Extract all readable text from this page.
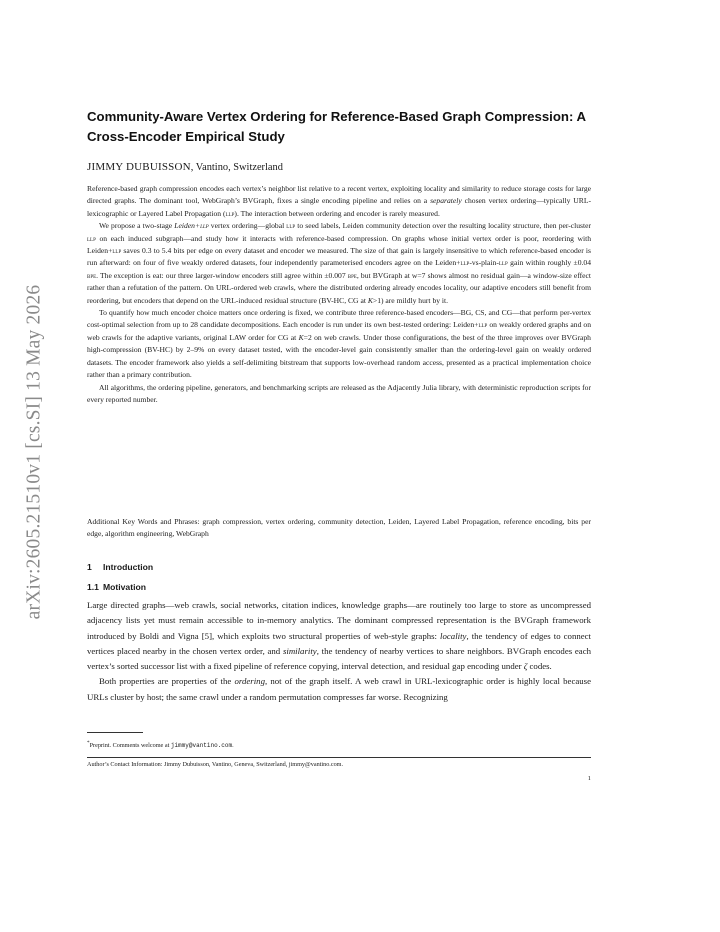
arXiv:2605.21510v1 [cs.SI] 13 May 2026
Community-Aware Vertex Ordering for Reference-Based Graph Compression: A Cross-Encoder Empirical Study
JIMMY DUBUISSON, Vantino, Switzerland

Reference-based graph compression encodes each vertex’s neighbor list relative to a recent vertex, exploiting locality and similarity to reduce storage costs for large directed graphs. The dominant tool, WebGraph’s BVGraph, fixes a single encoding pipeline and relies on a separately chosen vertex ordering—typically URL-lexicographic or Layered Label Propagation (llp). The interaction between ordering and encoder is rarely measured.

We propose a two-stage Leiden+llp vertex ordering—global llp to seed labels, Leiden community detection over the resulting locality structure, then per-cluster llp on each induced subgraph—and study how it interacts with reference-based compression. On graphs whose initial vertex order is poor, reordering with Leiden+llp saves 0.3 to 5.4 bits per edge on every dataset and encoder we measured. The size of that gain is largely insensitive to which reference-based encoder is run afterward: on four of five weakly ordered datasets, four independently parameterised encoders agree on the Leiden+llp-vs-plain-llp gain within roughly ±0.04 bpe. The exception is eat: our three larger-window encoders still agree within ±0.007 bpe, but BVGraph at w=7 shows almost no residual gain—a window-size effect rather than a refutation of the pattern. On URL-ordered web crawls, where the distributed ordering already encodes locality, our adaptive encoders still benefit from reordering, but encoders that depend on the URL-induced residual structure (BV-HC, CG at K>1) are mildly hurt by it.

To quantify how much encoder choice matters once ordering is fixed, we contribute three reference-based encoders—BG, CS, and CG—that perform per-vertex cost-optimal selection from up to 28 candidate decompositions. Each encoder is run under its own best-tested ordering: Leiden+llp on weakly ordered graphs and on web crawls for the adaptive variants, original LAW order for CG at K=2 on web crawls. Under those configurations, the best of the three improves over BVGraph high-compression (BV-HC) by 2–9% on every dataset tested, with the encoder-level gain consistently smaller than the ordering-level gain on weakly ordered datasets. The encoder framework also yields a self-delimiting bitstream that supports low-overhead random access, presented as a practical implementation choice rather than a primary contribution.

All algorithms, the ordering pipeline, generators, and benchmarking scripts are released as the Adjacently Julia library, with deterministic reproduction scripts for every reported number.

Additional Key Words and Phrases: graph compression, vertex ordering, community detection, Leiden, Layered Label Propagation, reference encoding, bits per edge, algorithm engineering, WebGraph
1 Introduction
1.1 Motivation

Large directed graphs—web crawls, social networks, citation indices, knowledge graphs—are routinely too large to store as uncompressed adjacency lists yet must remain accessible to in-memory analytics. The dominant compressed representation is the BVGraph framework introduced by Boldi and Vigna [5], which exploits two structural properties of web-style graphs: locality, the tendency of edges to connect vertices placed nearby in the chosen vertex order, and similarity, the tendency of nearby vertices to share neighbors. BVGraph encodes each vertex’s sorted successor list with a fixed pipeline of reference copying, interval detection, and residual gap encoding under ζ codes.

Both properties are properties of the ordering, not of the graph itself. A web crawl in URL-lexicographic order is highly local because URLs cluster by host; the same crawl under a random permutation compresses far worse. Recognizing

*Preprint. Comments welcome at jimmy@vantino.com.
Author’s Contact Information: Jimmy Dubuisson, Vantino, Geneva, Switzerland, jimmy@vantino.com.
1
